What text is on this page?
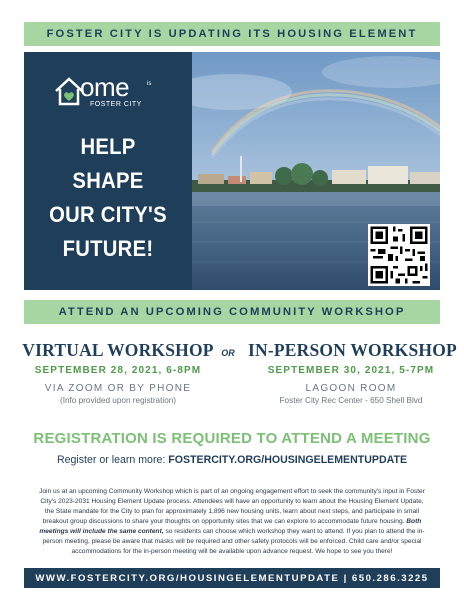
FOSTER CITY IS UPDATING ITS HOUSING ELEMENT
ome	is
FOSTER CITY
HELP
SHAPE
OUR CITY'S
FUTURE!
ATTEND AN UPCOMING COMMUNITY WORKSHOP
VIRTUAL WORKSHOP
SEPTEMBER 28, 2021, 6-8PM
VIA ZOOM OR BY PHONE
(Info provided upon registration)
OR IN-PERSON WORKSHOP
SEPTEMBER 30, 2021, 5-7PM
LAGOON ROOM
Foster City Rec Center - 650 Shell Blvd
REGISTRATION IS REQUIRED TO ATTEND A MEETING
Register or learn more: FOSTERCITY.ORG/HOUSINGELEMENTUPDATE
Join us at an upcoming Community Workshop which is part of an ongoing engagement effort to seek the community's input in Foster City's 2023-2031 Housing Element Update process. Attendees will have an opportunity to learn about the Housing Element Update, the State mandate for the City to plan for approximately 1,896 new housing units, learn about next steps, and participate in small breakout group discussions to share your thoughts on opportunity sites that we can explore to accommodate future housing. Both meetings will include the same content, so residents can choose which workshop they want to attend. If you plan to attend the in-person meeting, please be aware that masks will be required and other safety protocols will be enforced. Child care and/or special accommodations for the in-person meeting will be available upon advance request. We hope to see you there!
WWW.FOSTERCITY.ORG/HOUSINGELEMENTUPDATE | 650.286.3225
